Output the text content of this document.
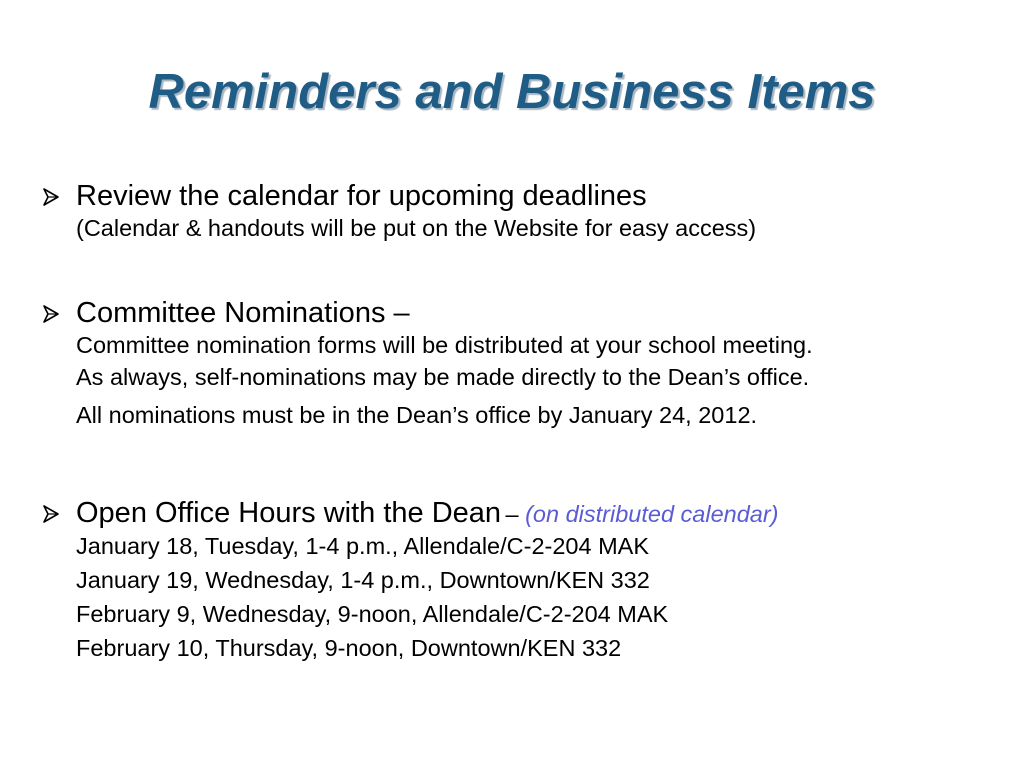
Reminders and Business Items
Review the calendar for upcoming deadlines
(Calendar & handouts will be put on the Website for easy access)
Committee Nominations –
Committee nomination forms will be distributed at your school meeting.
As always, self-nominations may be made directly to the Dean’s office.
All nominations must be in the Dean’s office by January 24, 2012.
Open Office Hours with the Dean – (on distributed calendar)
January 18, Tuesday, 1-4 p.m., Allendale/C-2-204 MAK
January 19, Wednesday, 1-4 p.m., Downtown/KEN 332
February 9, Wednesday, 9-noon, Allendale/C-2-204 MAK
February 10, Thursday, 9-noon, Downtown/KEN 332
